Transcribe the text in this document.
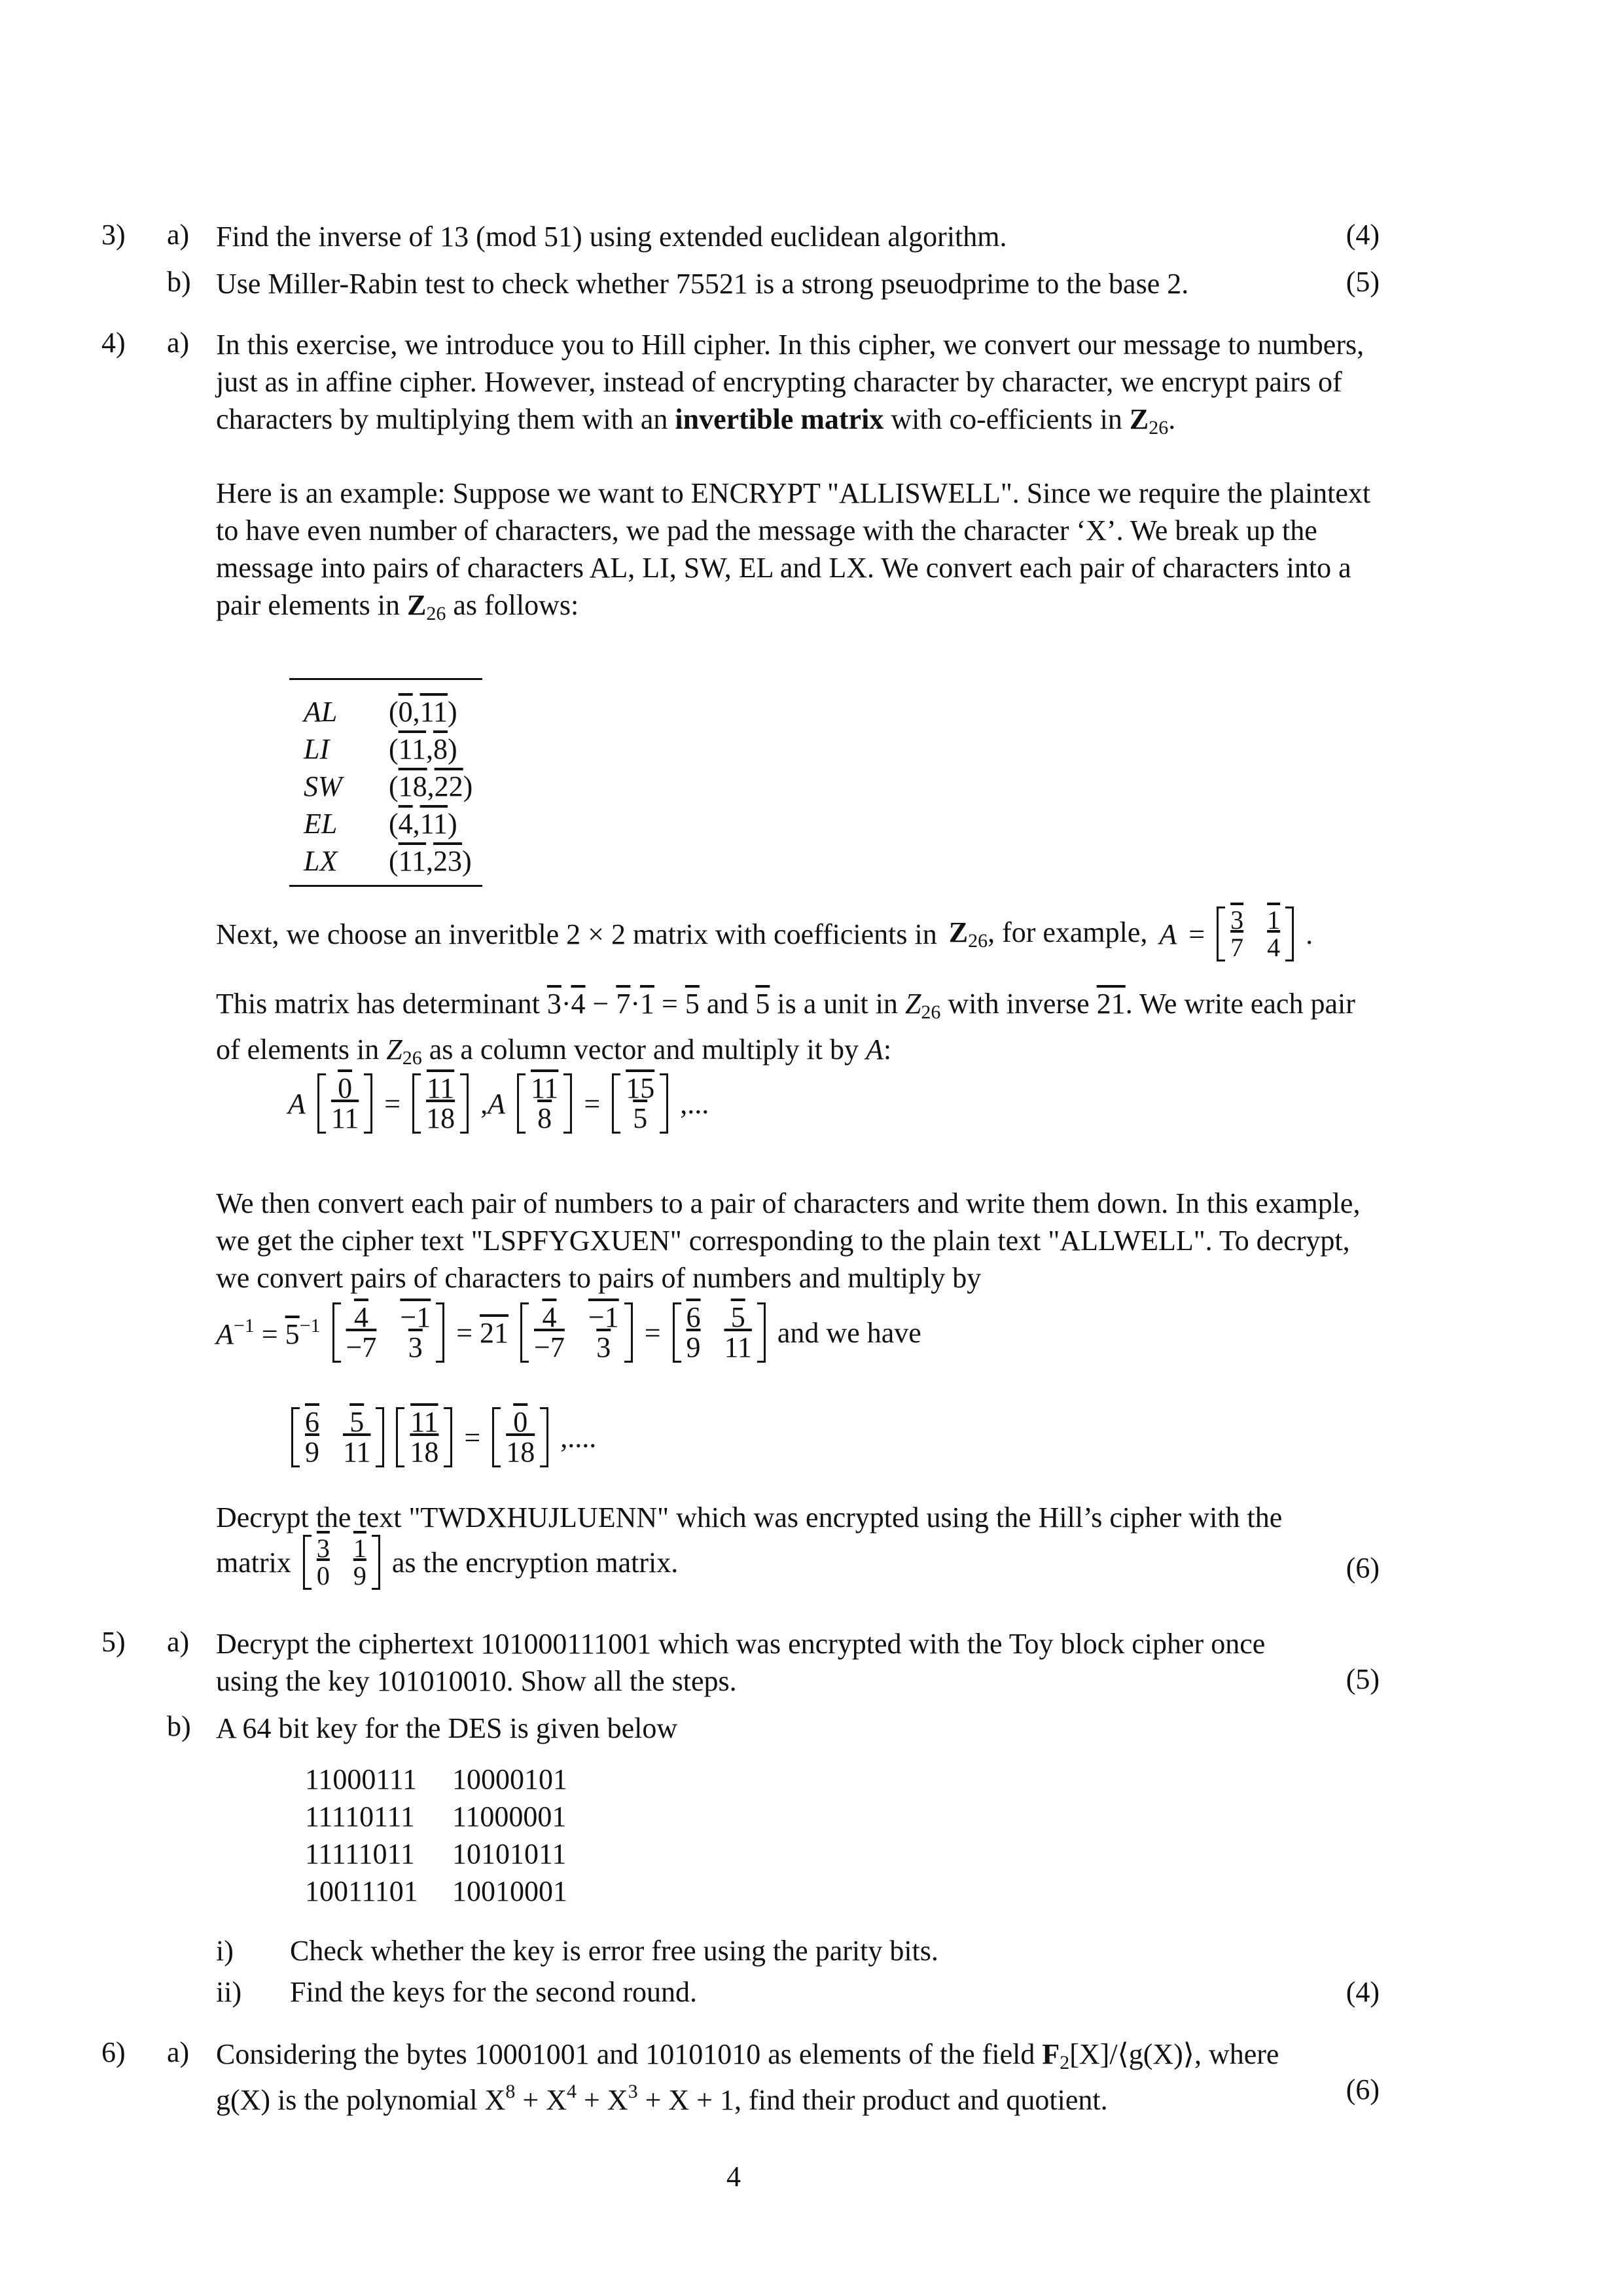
3) a) Find the inverse of 13 (mod 51) using extended euclidean algorithm.	(4)
b) Use Miller-Rabin test to check whether 75521 is a strong pseuodprime to the base 2.	(5)
4) a) In this exercise, we introduce you to Hill cipher. In this cipher, we convert our message to numbers, just as in affine cipher. However, instead of encrypting character by character, we encrypt pairs of characters by multiplying them with an invertible matrix with co-efficients in $Z_{26}$.
Here is an example: Suppose we want to ENCRYPT "ALLISWELL". Since we require the plaintext to have even number of characters, we pad the message with the character ‘X’. We break up the message into pairs of characters AL, LI, SW, EL and LX. We convert each pair of characters into a pair elements in $Z_{26}$ as follows:
AL	(0,11)
LI	(11,8)
SW	(18,22)
EL	(4,11)
LX	(11,23)
Next, we choose an inveritble 2 × 2 matrix with coefficients in $Z_{26}$, for example, A = 3
7
1
4 .
This matrix has determinant 3·4 − 7·1 = 5 and 5 is a unit in $Z_{26}$ with inverse 21. We write each pair of elements in $Z_{26}$ as a column vector and multiply it by A:
A 0
11 = 11
18 ,A 11
8 = 15
5 ,...
We then convert each pair of numbers to a pair of characters and write them down. In this example, we get the cipher text "LSPFYGXUEN" corresponding to the plain text "ALLWELL". To decrypt, we convert pairs of characters to pairs of numbers and multiply by
$A^{-1} = 5^{-1}$ 4
−7
−1
3 = 21 4
−7
−1
3 = 6
9
5
11 and we have
6
9
5
11
11
18 = 0
18 ,....
Decrypt the text "TWDXHUJLUENN" which was encrypted using the Hill’s cipher with the
matrix 3
0
1
9 as the encryption matrix.	(6)
5) a) Decrypt the ciphertext 101000111001 which was encrypted with the Toy block cipher once using the key 101010010. Show all the steps.	(5)
b) A 64 bit key for the DES is given below
11000111 10000101
11110111 11000001
11111011 10101011
10011101 10010001
i) Check whether the key is error free using the parity bits.
ii) Find the keys for the second round.	(4)
6) a) Considering the bytes 10001001 and 10101010 as elements of the field $F_2[X]/⟨g(X)⟩$, where
g(X) is the polynomial $X^8 + X^4 + X^3 + X + 1$, find their product and quotient.	(6)
4
